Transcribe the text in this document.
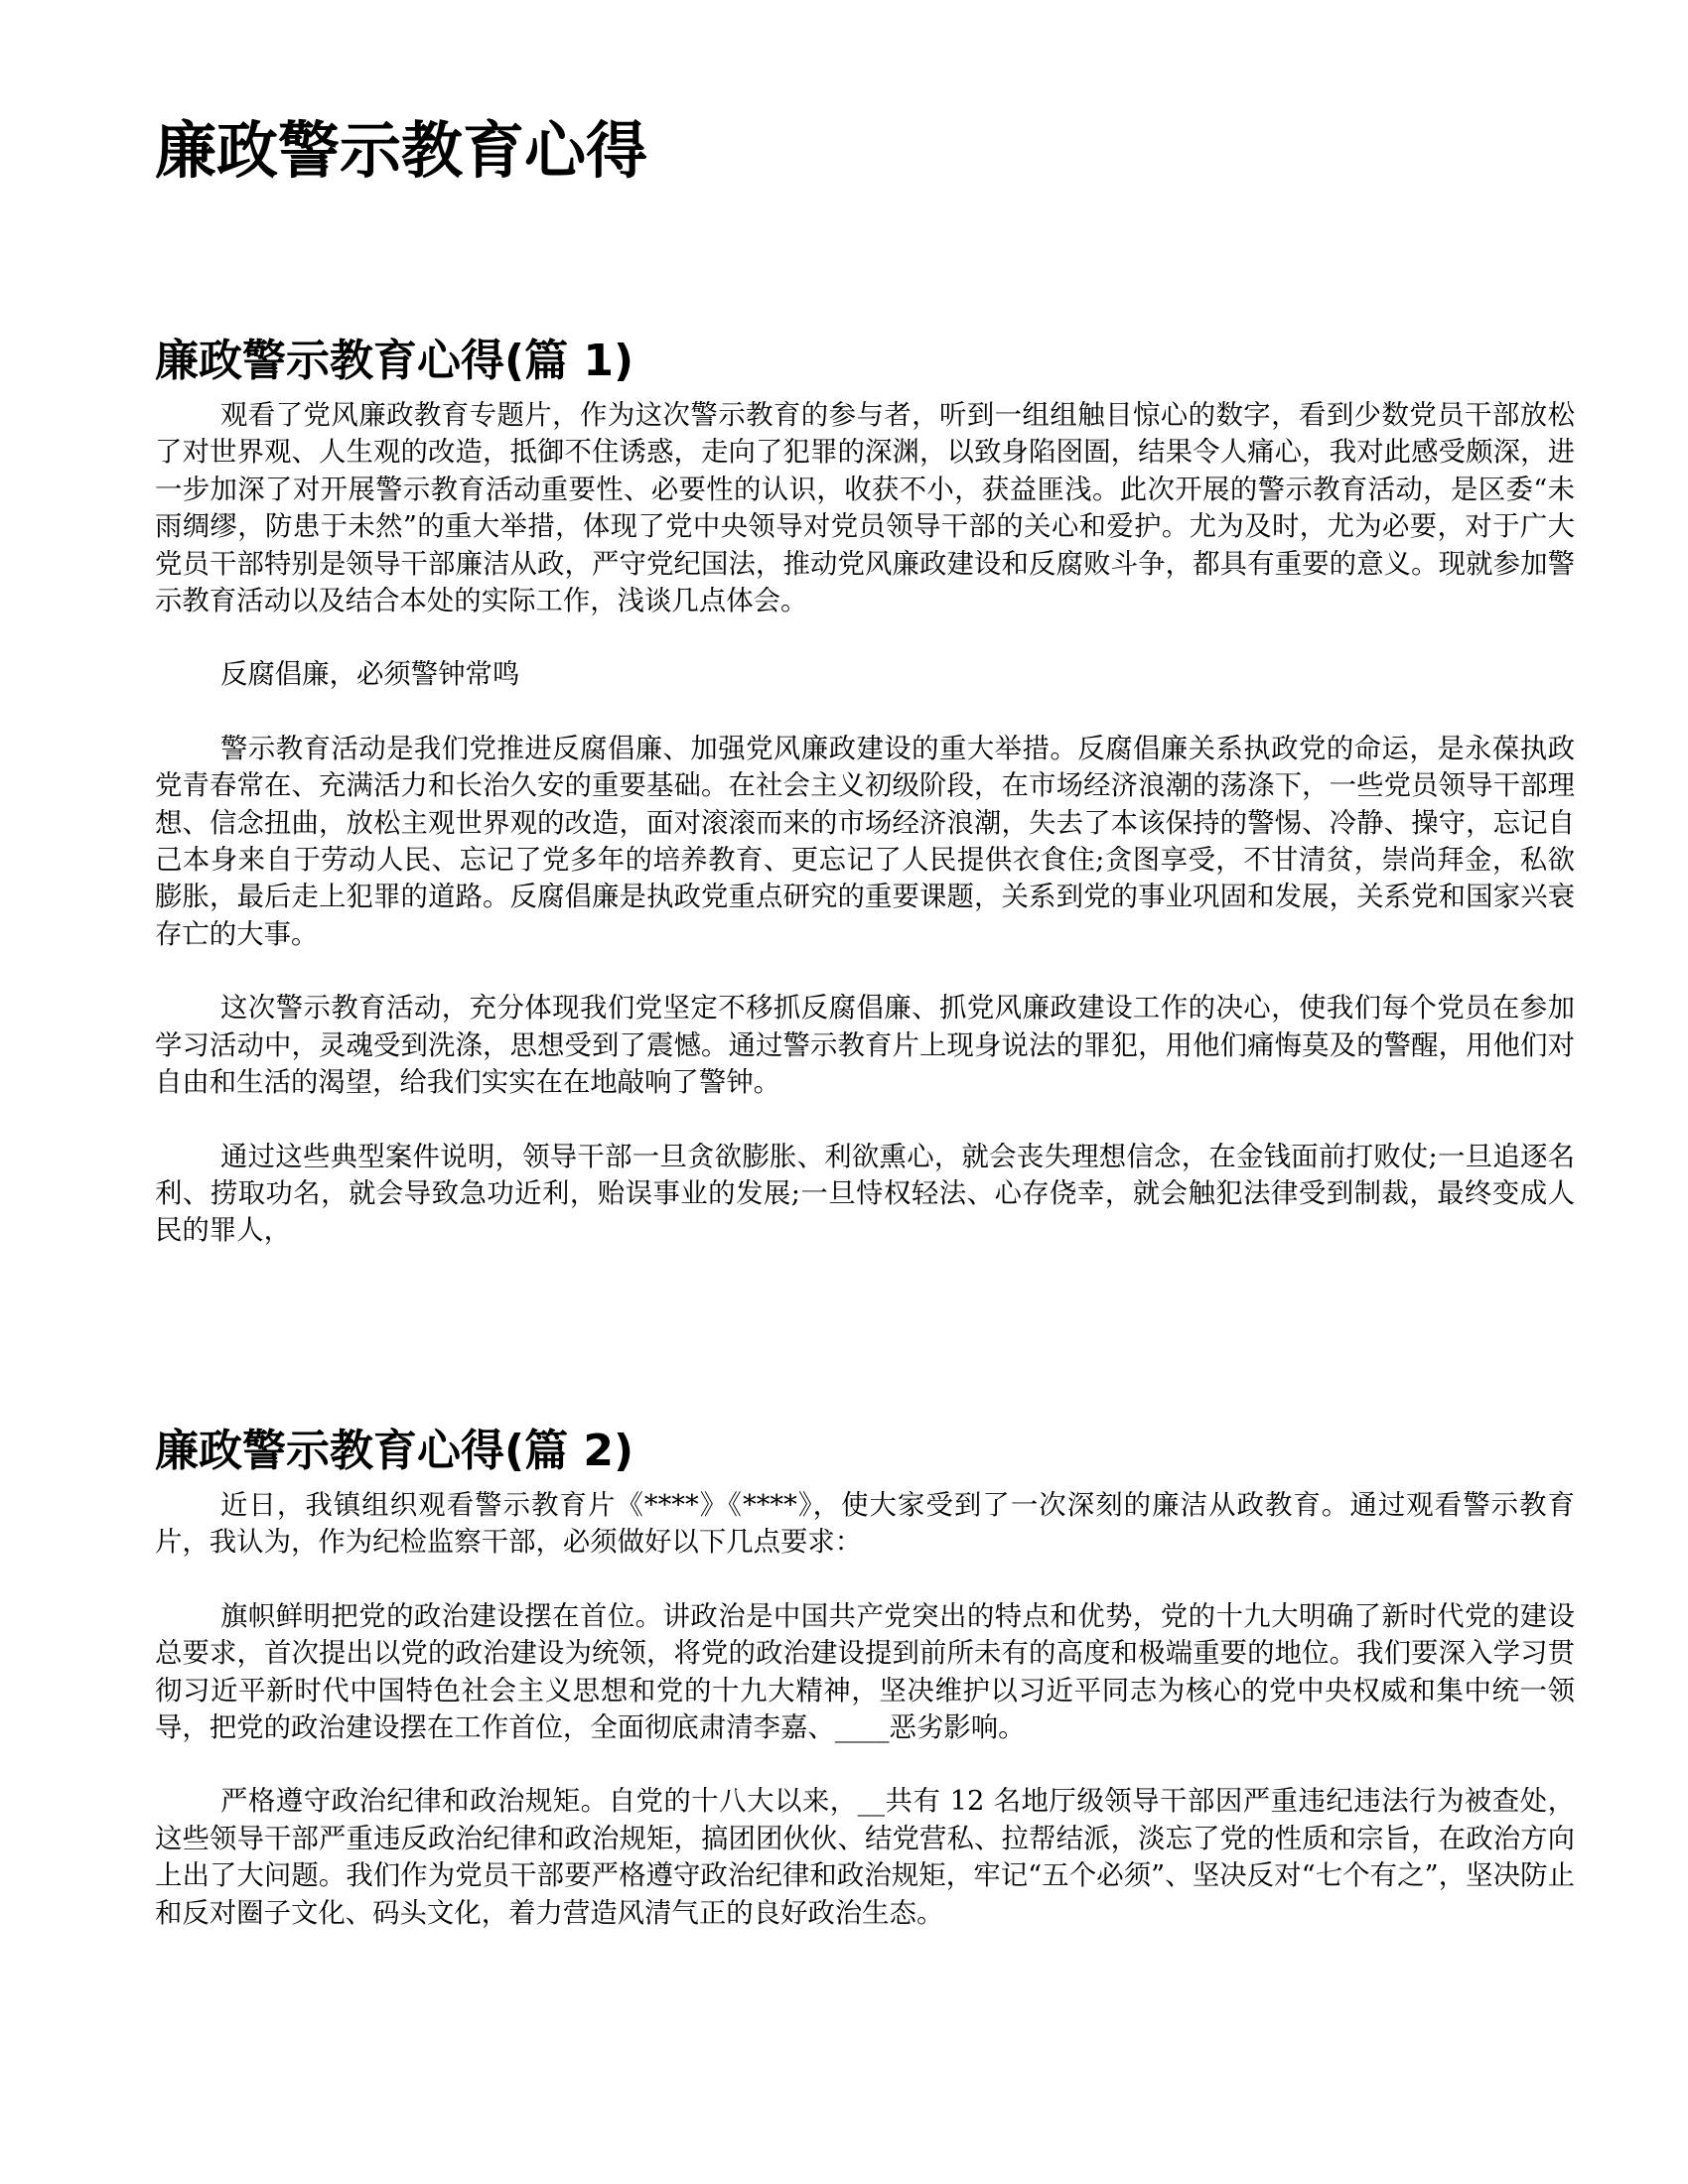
廉政警示教育心得
廉政警示教育心得(篇 1)

观看了党风廉政教育专题片，作为这次警示教育的参与者，听到一组组触目惊心的数字，看到少数党员干部放松了对世界观、人生观的改造，抵御不住诱惑，走向了犯罪的深渊，以致身陷囹圄，结果令人痛心，我对此感受颇深，进一步加深了对开展警示教育活动重要性、必要性的认识，收获不小，获益匪浅。此次开展的警示教育活动，是区委“未雨绸缪，防患于未然”的重大举措，体现了党中央领导对党员领导干部的关心和爱护。尤为及时，尤为必要，对于广大党员干部特别是领导干部廉洁从政，严守党纪国法，推动党风廉政建设和反腐败斗争，都具有重要的意义。现就参加警示教育活动以及结合本处的实际工作，浅谈几点体会。

反腐倡廉，必须警钟常鸣

警示教育活动是我们党推进反腐倡廉、加强党风廉政建设的重大举措。反腐倡廉关系执政党的命运，是永葆执政党青春常在、充满活力和长治久安的重要基础。在社会主义初级阶段，在市场经济浪潮的荡涤下，一些党员领导干部理想、信念扭曲，放松主观世界观的改造，面对滚滚而来的市场经济浪潮，失去了本该保持的警惕、冷静、操守，忘记自己本身来自于劳动人民、忘记了党多年的培养教育、更忘记了人民提供衣食住;贪图享受，不甘清贫，崇尚拜金，私欲膨胀，最后走上犯罪的道路。反腐倡廉是执政党重点研究的重要课题，关系到党的事业巩固和发展，关系党和国家兴衰存亡的大事。

这次警示教育活动，充分体现我们党坚定不移抓反腐倡廉、抓党风廉政建设工作的决心，使我们每个党员在参加学习活动中，灵魂受到洗涤，思想受到了震憾。通过警示教育片上现身说法的罪犯，用他们痛悔莫及的警醒，用他们对自由和生活的渴望，给我们实实在在地敲响了警钟。

通过这些典型案件说明，领导干部一旦贪欲膨胀、利欲熏心，就会丧失理想信念，在金钱面前打败仗;一旦追逐名利、捞取功名，就会导致急功近利，贻误事业的发展;一旦恃权轻法、心存侥幸，就会触犯法律受到制裁，最终变成人民的罪人，

廉政警示教育心得(篇 2)

近日，我镇组织观看警示教育片《****》《****》，使大家受到了一次深刻的廉洁从政教育。通过观看警示教育片，我认为，作为纪检监察干部，必须做好以下几点要求：

旗帜鲜明把党的政治建设摆在首位。讲政治是中国共产党突出的特点和优势，党的十九大明确了新时代党的建设总要求，首次提出以党的政治建设为统领，将党的政治建设提到前所未有的高度和极端重要的地位。我们要深入学习贯彻习近平新时代中国特色社会主义思想和党的十九大精神，坚决维护以习近平同志为核心的党中央权威和集中统一领导，把党的政治建设摆在工作首位，全面彻底肃清李嘉、____恶劣影响。

严格遵守政治纪律和政治规矩。自党的十八大以来，__共有 12 名地厅级领导干部因严重违纪违法行为被查处，这些领导干部严重违反政治纪律和政治规矩，搞团团伙伙、结党营私、拉帮结派，淡忘了党的性质和宗旨，在政治方向上出了大问题。我们作为党员干部要严格遵守政治纪律和政治规矩，牢记“五个必须”、坚决反对“七个有之”，坚决防止和反对圈子文化、码头文化，着力营造风清气正的良好政治生态。
